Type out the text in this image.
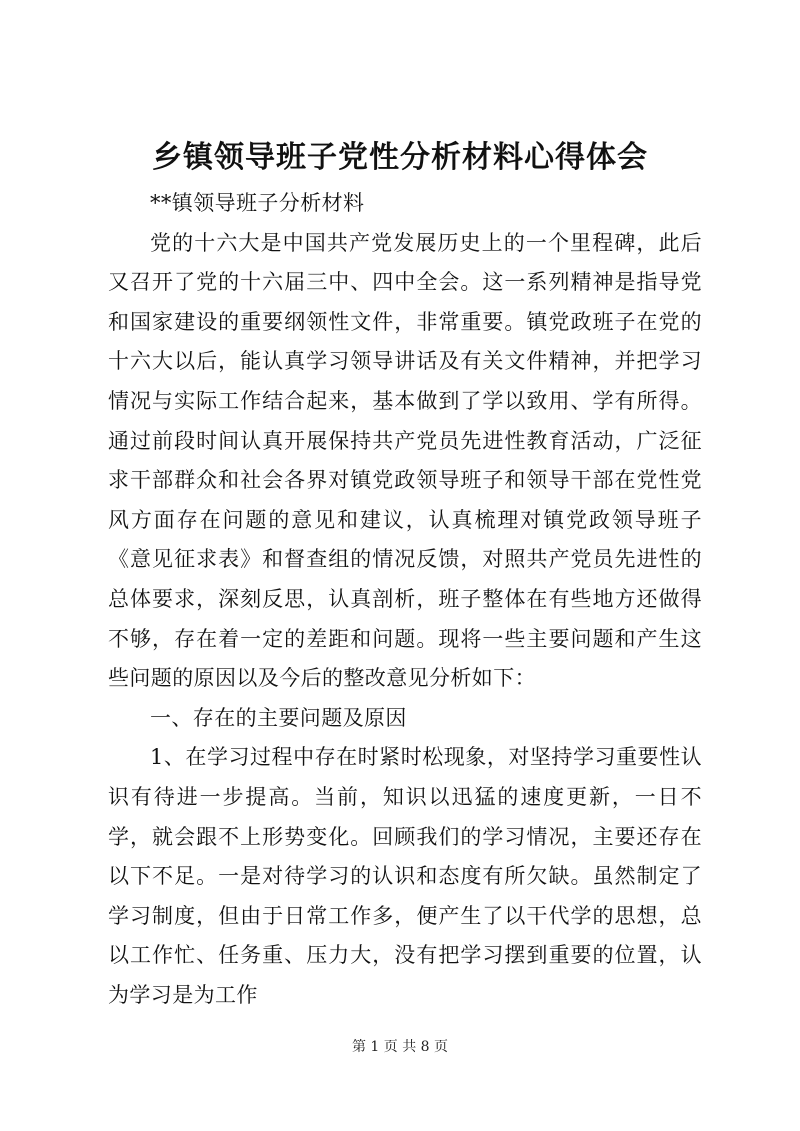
乡镇领导班子党性分析材料心得体会

**镇领导班子分析材料

党的十六大是中国共产党发展历史上的一个里程碑，此后又召开了党的十六届三中、四中全会。这一系列精神是指导党和国家建设的重要纲领性文件，非常重要。镇党政班子在党的十六大以后，能认真学习领导讲话及有关文件精神，并把学习情况与实际工作结合起来，基本做到了学以致用、学有所得。通过前段时间认真开展保持共产党员先进性教育活动，广泛征求干部群众和社会各界对镇党政领导班子和领导干部在党性党风方面存在问题的意见和建议，认真梳理对镇党政领导班子《意见征求表》和督查组的情况反馈，对照共产党员先进性的总体要求，深刻反思，认真剖析，班子整体在有些地方还做得不够，存在着一定的差距和问题。现将一些主要问题和产生这些问题的原因以及今后的整改意见分析如下：

一、存在的主要问题及原因

1、在学习过程中存在时紧时松现象，对坚持学习重要性认识有待进一步提高。当前，知识以迅猛的速度更新，一日不学，就会跟不上形势变化。回顾我们的学习情况，主要还存在以下不足。一是对待学习的认识和态度有所欠缺。虽然制定了学习制度，但由于日常工作多，便产生了以干代学的思想，总以工作忙、任务重、压力大，没有把学习摆到重要的位置，认为学习是为工作

第 1 页 共 8 页
